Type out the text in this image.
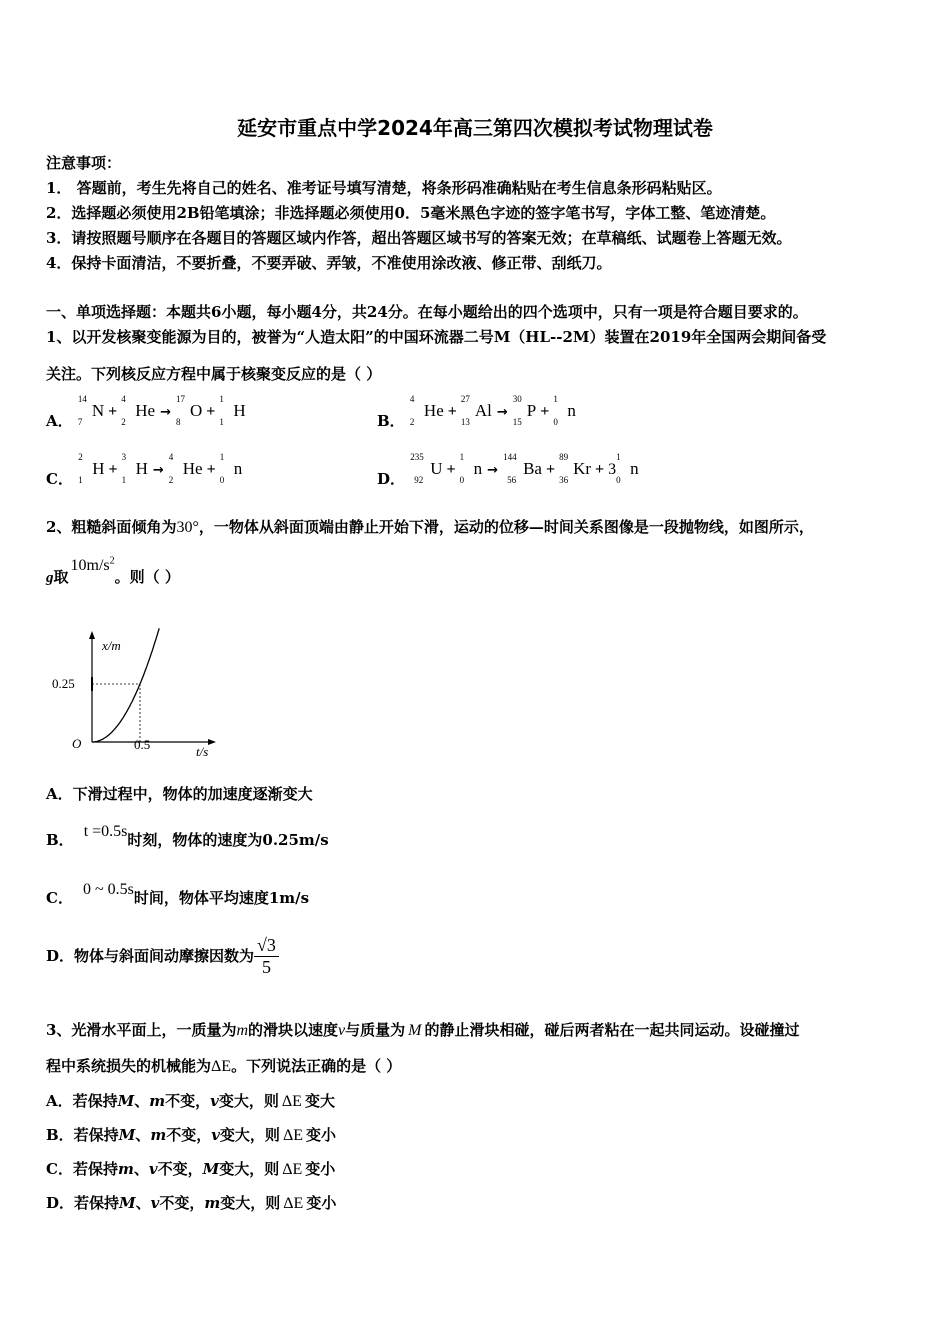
延安市重点中学2024年高三第四次模拟考试物理试卷
注意事项：
1． 答题前，考生先将自己的姓名、准考证号填写清楚，将条形码准确粘贴在考生信息条形码粘贴区。
2．选择题必须使用2B铅笔填涂；非选择题必须使用0．5毫米黑色字迹的签字笔书写，字体工整、笔迹清楚。
3．请按照题号顺序在各题目的答题区域内作答，超出答题区域书写的答案无效；在草稿纸、试题卷上答题无效。
4．保持卡面清洁，不要折叠，不要弄破、弄皱，不准使用涂改液、修正带、刮纸刀。
一、单项选择题：本题共6小题，每小题4分，共24分。在每小题给出的四个选项中，只有一项是符合题目要求的。
1、以开发核聚变能源为目的，被誉为“人造太阳”的中国环流器二号M（HL--2M）装置在2019年全国两会期间备受
关注。下列核反应方程中属于核聚变反应的是（ ）
A．
14
7
N +
4
2
He →
17
8
O +
1
1
H
B．
4
2
He +
27
13
Al →
30
15
P +
1
0
n
C．
2
1
H +
3
1
H →
4
2
He +
1
0
n
D．
235
92
U +
1
0
n →
144
56
Ba +
89
36
Kr + 3
1
0
n
2、粗糙斜面倾角为30°，一物体从斜面顶端由静止开始下滑，运动的位移—时间关系图像是一段抛物线，如图所示，
g取$10m/s^2$。则（ ）
x/m
t/s
O
0.25
0.5
A．下滑过程中，物体的加速度逐渐变大
B． t =0.5s时刻，物体的速度为0.25m/s
C． 0 ~ 0.5s时间，物体平均速度1m/s
D．物体与斜面间动摩擦因数为 $\frac{√3}{5}$
3、光滑水平面上，一质量为m的滑块以速度v与质量为 M 的静止滑块相碰，碰后两者粘在一起共同运动。设碰撞过
程中系统损失的机械能为ΔE。下列说法正确的是（ ）
A．若保持M、m不变，v变大，则 ΔE 变大
B．若保持M、m不变，v变大，则 ΔE 变小
C．若保持m、v不变，M变大，则 ΔE 变小
D．若保持M、v不变，m变大，则 ΔE 变小
